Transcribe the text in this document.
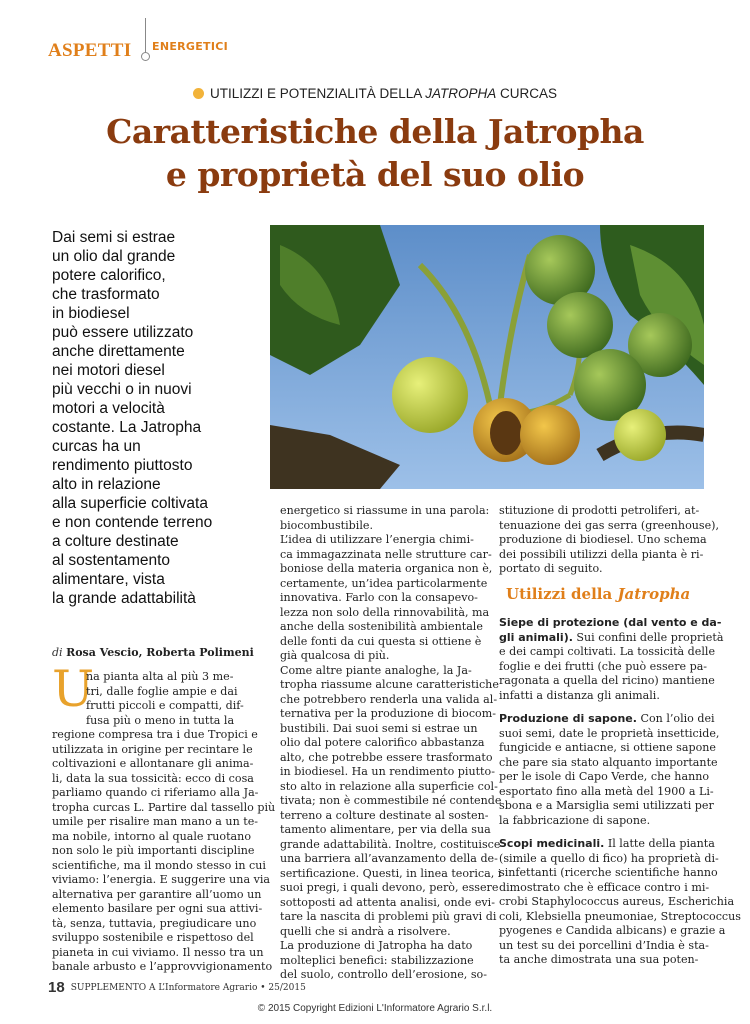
ASPETTI ENERGETICI
UTILIZZI E POTENZIALITÀ DELLA JATROPHA CURCAS
Caratteristiche della Jatropha
e proprietà del suo olio
Dai semi si estrae
un olio dal grande
potere calorifico,
che trasformato
in biodiesel
può essere utilizzato
anche direttamente
nei motori diesel
più vecchi o in nuovi
motori a velocità
costante. La Jatropha
curcas ha un
rendimento piuttosto
alto in relazione
alla superficie coltivata
e non contende terreno
a colture destinate
al sostentamento
alimentare, vista
la grande adattabilità
U
na pianta alta al più 3 me-
tri, dalle foglie ampie e dai
frutti piccoli e compatti, dif-
fusa più o meno in tutta la
regione compresa tra i due Tropici e
utilizzata in origine per recintare le
coltivazioni e allontanare gli anima-
li, data la sua tossicità: ecco di cosa
parliamo quando ci riferiamo alla Ja-
tropha curcas L. Partire dal tassello più
umile per risalire man mano a un te-
ma nobile, intorno al quale ruotano
non solo le più importanti discipline
scientifiche, ma il mondo stesso in cui
viviamo: l’energia. E suggerire una via
alternativa per garantire all’uomo un
elemento basilare per ogni sua attivi-
tà, senza, tuttavia, pregiudicare uno
sviluppo sostenibile e rispettoso del
pianeta in cui viviamo. Il nesso tra un
banale arbusto e l’approvvigionamento
di Rosa Vescio, Roberta Polimeni
energetico si riassume in una parola:
biocombustibile.
L’idea di utilizzare l’energia chimi-
ca immagazzinata nelle strutture car-
boniose della materia organica non è,
certamente, un’idea particolarmente
innovativa. Farlo con la consapevo-
lezza non solo della rinnovabilità, ma
anche della sostenibilità ambientale
delle fonti da cui questa si ottiene è
già qualcosa di più.
Come altre piante analoghe, la Ja-
tropha riassume alcune caratteristiche
che potrebbero renderla una valida al-
ternativa per la produzione di biocom-
bustibili. Dai suoi semi si estrae un
olio dal potere calorifico abbastanza
alto, che potrebbe essere trasformato
in biodiesel. Ha un rendimento piutto-
sto alto in relazione alla superficie col-
tivata; non è commestibile né contende
terreno a colture destinate al sosten-
tamento alimentare, per via della sua
grande adattabilità. Inoltre, costituisce
una barriera all’avanzamento della de-
sertificazione. Questi, in linea teorica, i
suoi pregi, i quali devono, però, essere
sottoposti ad attenta analisi, onde evi-
tare la nascita di problemi più gravi di
quelli che si andrà a risolvere.
La produzione di Jatropha ha dato
molteplici benefici: stabilizzazione
del suolo, controllo dell’erosione, so-
stituzione di prodotti petroliferi, at-
tenuazione dei gas serra (greenhouse),
produzione di biodiesel. Uno schema
dei possibili utilizzi della pianta è ri-
portato di seguito.
Utilizzi della Jatropha
Siepe di protezione (dal vento e da-
gli animali). Sui confini delle proprietà
e dei campi coltivati. La tossicità delle
foglie e dei frutti (che può essere pa-
ragonata a quella del ricino) mantiene
infatti a distanza gli animali.
Produzione di sapone. Con l’olio dei
suoi semi, date le proprietà insetticide,
fungicide e antiacne, si ottiene sapone
che pare sia stato alquanto importante
per le isole di Capo Verde, che hanno
esportato fino alla metà del 1900 a Li-
sbona e a Marsiglia semi utilizzati per
la fabbricazione di sapone.
Scopi medicinali. Il latte della pianta
(simile a quello di fico) ha proprietà di-
sinfettanti (ricerche scientifiche hanno
dimostrato che è efficace contro i mi-
crobi Staphylococcus aureus, Escherichia
coli, Klebsiella pneumoniae, Streptococcus
pyogenes e Candida albicans) e grazie a
un test su dei porcellini d’India è sta-
ta anche dimostrata una sua poten-
18 SUPPLEMENTO A L’Informatore Agrario • 25/2015
© 2015 Copyright Edizioni L'Informatore Agrario S.r.l.
